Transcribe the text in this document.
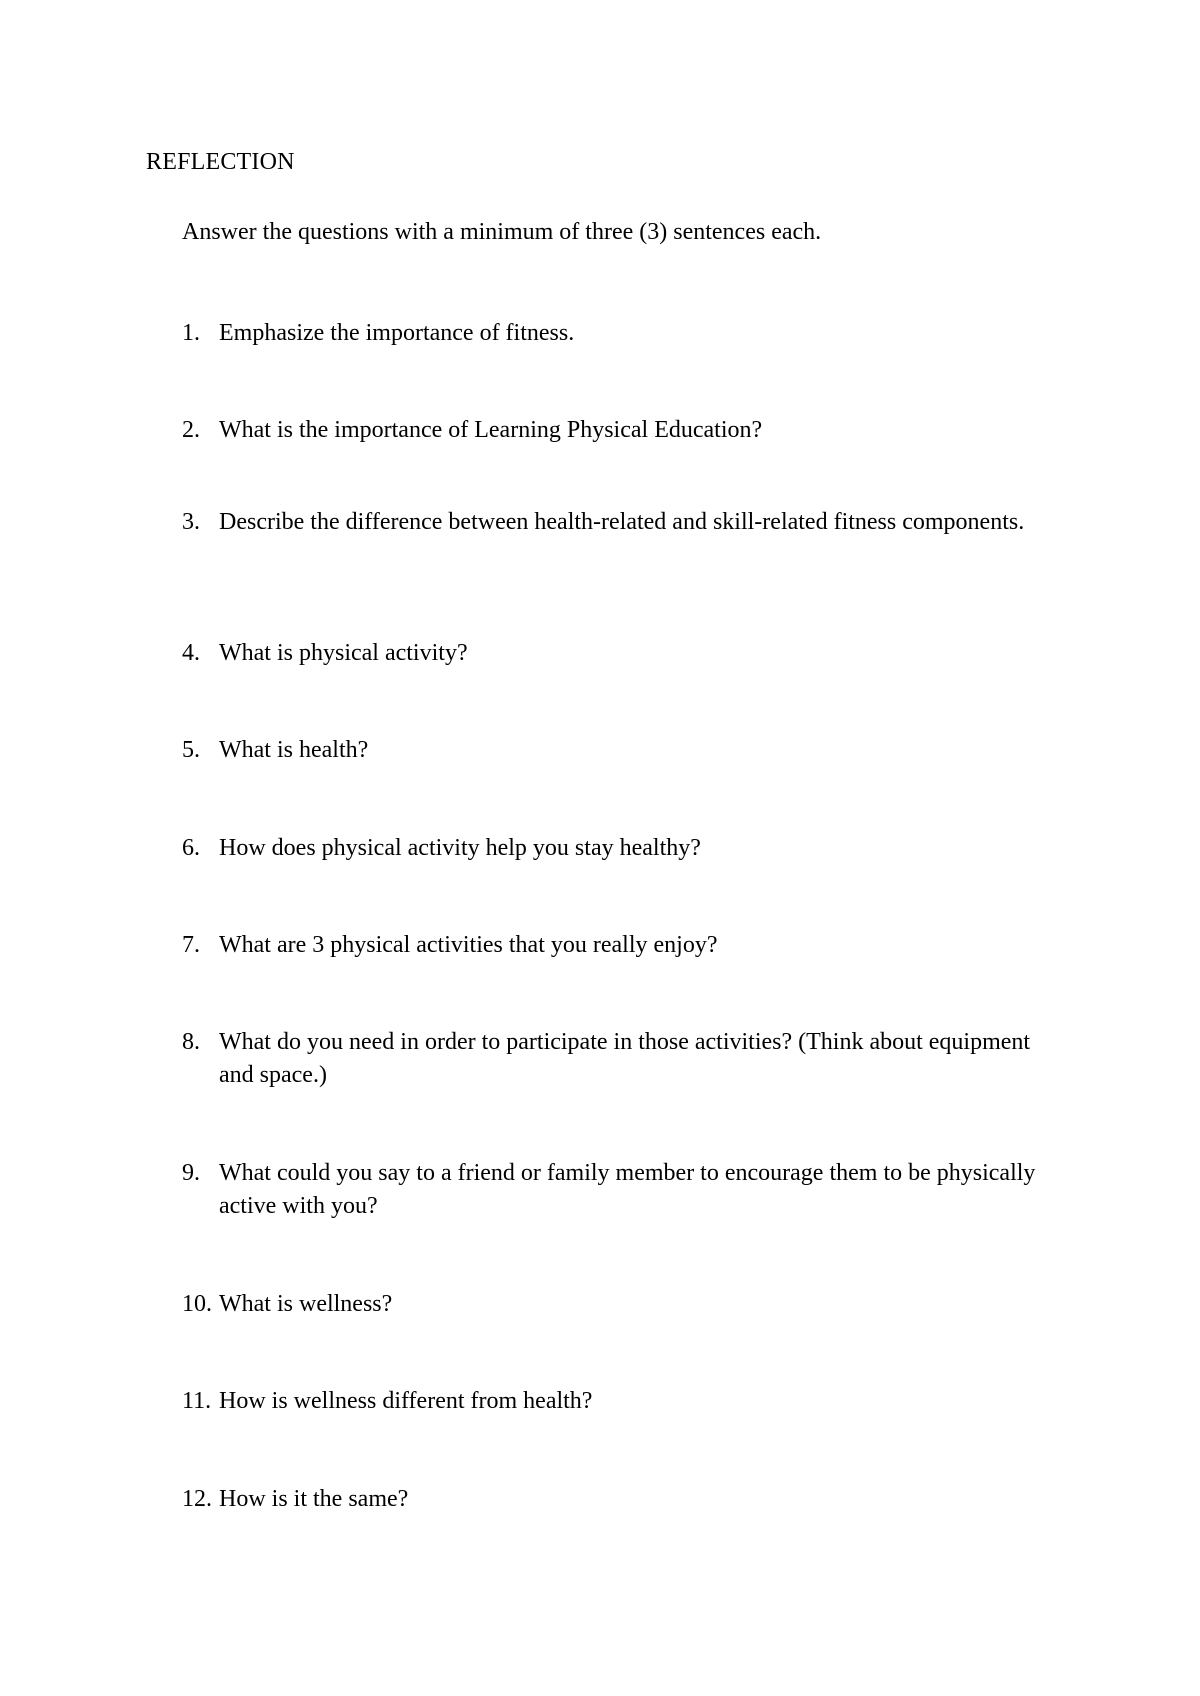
REFLECTION
Answer the questions with a minimum of three (3) sentences each.
1. Emphasize the importance of fitness.
2. What is the importance of Learning Physical Education?
3. Describe the difference between health-related and skill-related fitness components.
4. What is physical activity?
5. What is health?
6. How does physical activity help you stay healthy?
7. What are 3 physical activities that you really enjoy?
8. What do you need in order to participate in those activities? (Think about equipment and space.)
9. What could you say to a friend or family member to encourage them to be physically active with you?
10. What is wellness?
11. How is wellness different from health?
12. How is it the same?
